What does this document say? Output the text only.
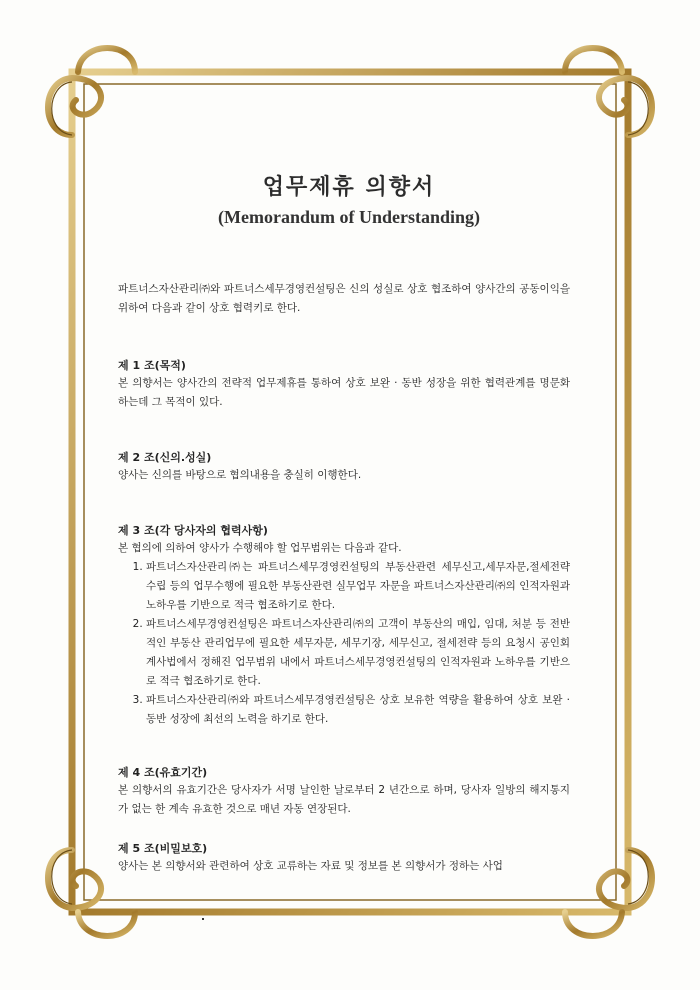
업무제휴 의향서
(Memorandum of Understanding)

파트너스자산관리㈜와 파트너스세무경영컨설팅은 신의 성실로 상호 협조하여 양사간의 공동이익을 위하여 다음과 같이 상호 협력키로 한다.

제 1 조(목적)

본 의향서는 양사간의 전략적 업무제휴를 통하여 상호 보완 · 동반 성장을 위한 협력관계를 명문화 하는데 그 목적이 있다.

제 2 조(신의.성실)

양사는 신의를 바탕으로 협의내용을 충실히 이행한다.

제 3 조(각 당사자의 협력사항)

본 협의에 의하여 양사가 수행해야 할 업무범위는 다음과 같다.

1. 파트너스자산관리㈜는 파트너스세무경영컨설팅의 부동산관련 세무신고,세무자문,절세전략 수립 등의 업무수행에 필요한 부동산관련 실무업무 자문을 파트너스자산관리㈜의 인적자원과 노하우를 기반으로 적극 협조하기로 한다.
2. 파트너스세무경영컨설팅은 파트너스자산관리㈜의 고객이 부동산의 매입, 임대, 처분 등 전반적인 부동산 관리업무에 필요한 세무자문, 세무기장, 세무신고, 절세전략 등의 요청시 공인회계사법에서 정해진 업무범위 내에서 파트너스세무경영컨설팅의 인적자원과 노하우를 기반으로 적극 협조하기로 한다.
3. 파트너스자산관리㈜와 파트너스세무경영컨설팅은 상호 보유한 역량을 활용하여 상호 보완 · 동반 성장에 최선의 노력을 하기로 한다.
제 4 조(유효기간)

본 의향서의 유효기간은 당사자가 서명 날인한 날로부터 2 년간으로 하며, 당사자 일방의 해지통지가 없는 한 계속 유효한 것으로 매년 자동 연장된다.

제 5 조(비밀보호)

양사는 본 의향서와 관련하여 상호 교류하는 자료 및 정보를 본 의향서가 정하는 사업
